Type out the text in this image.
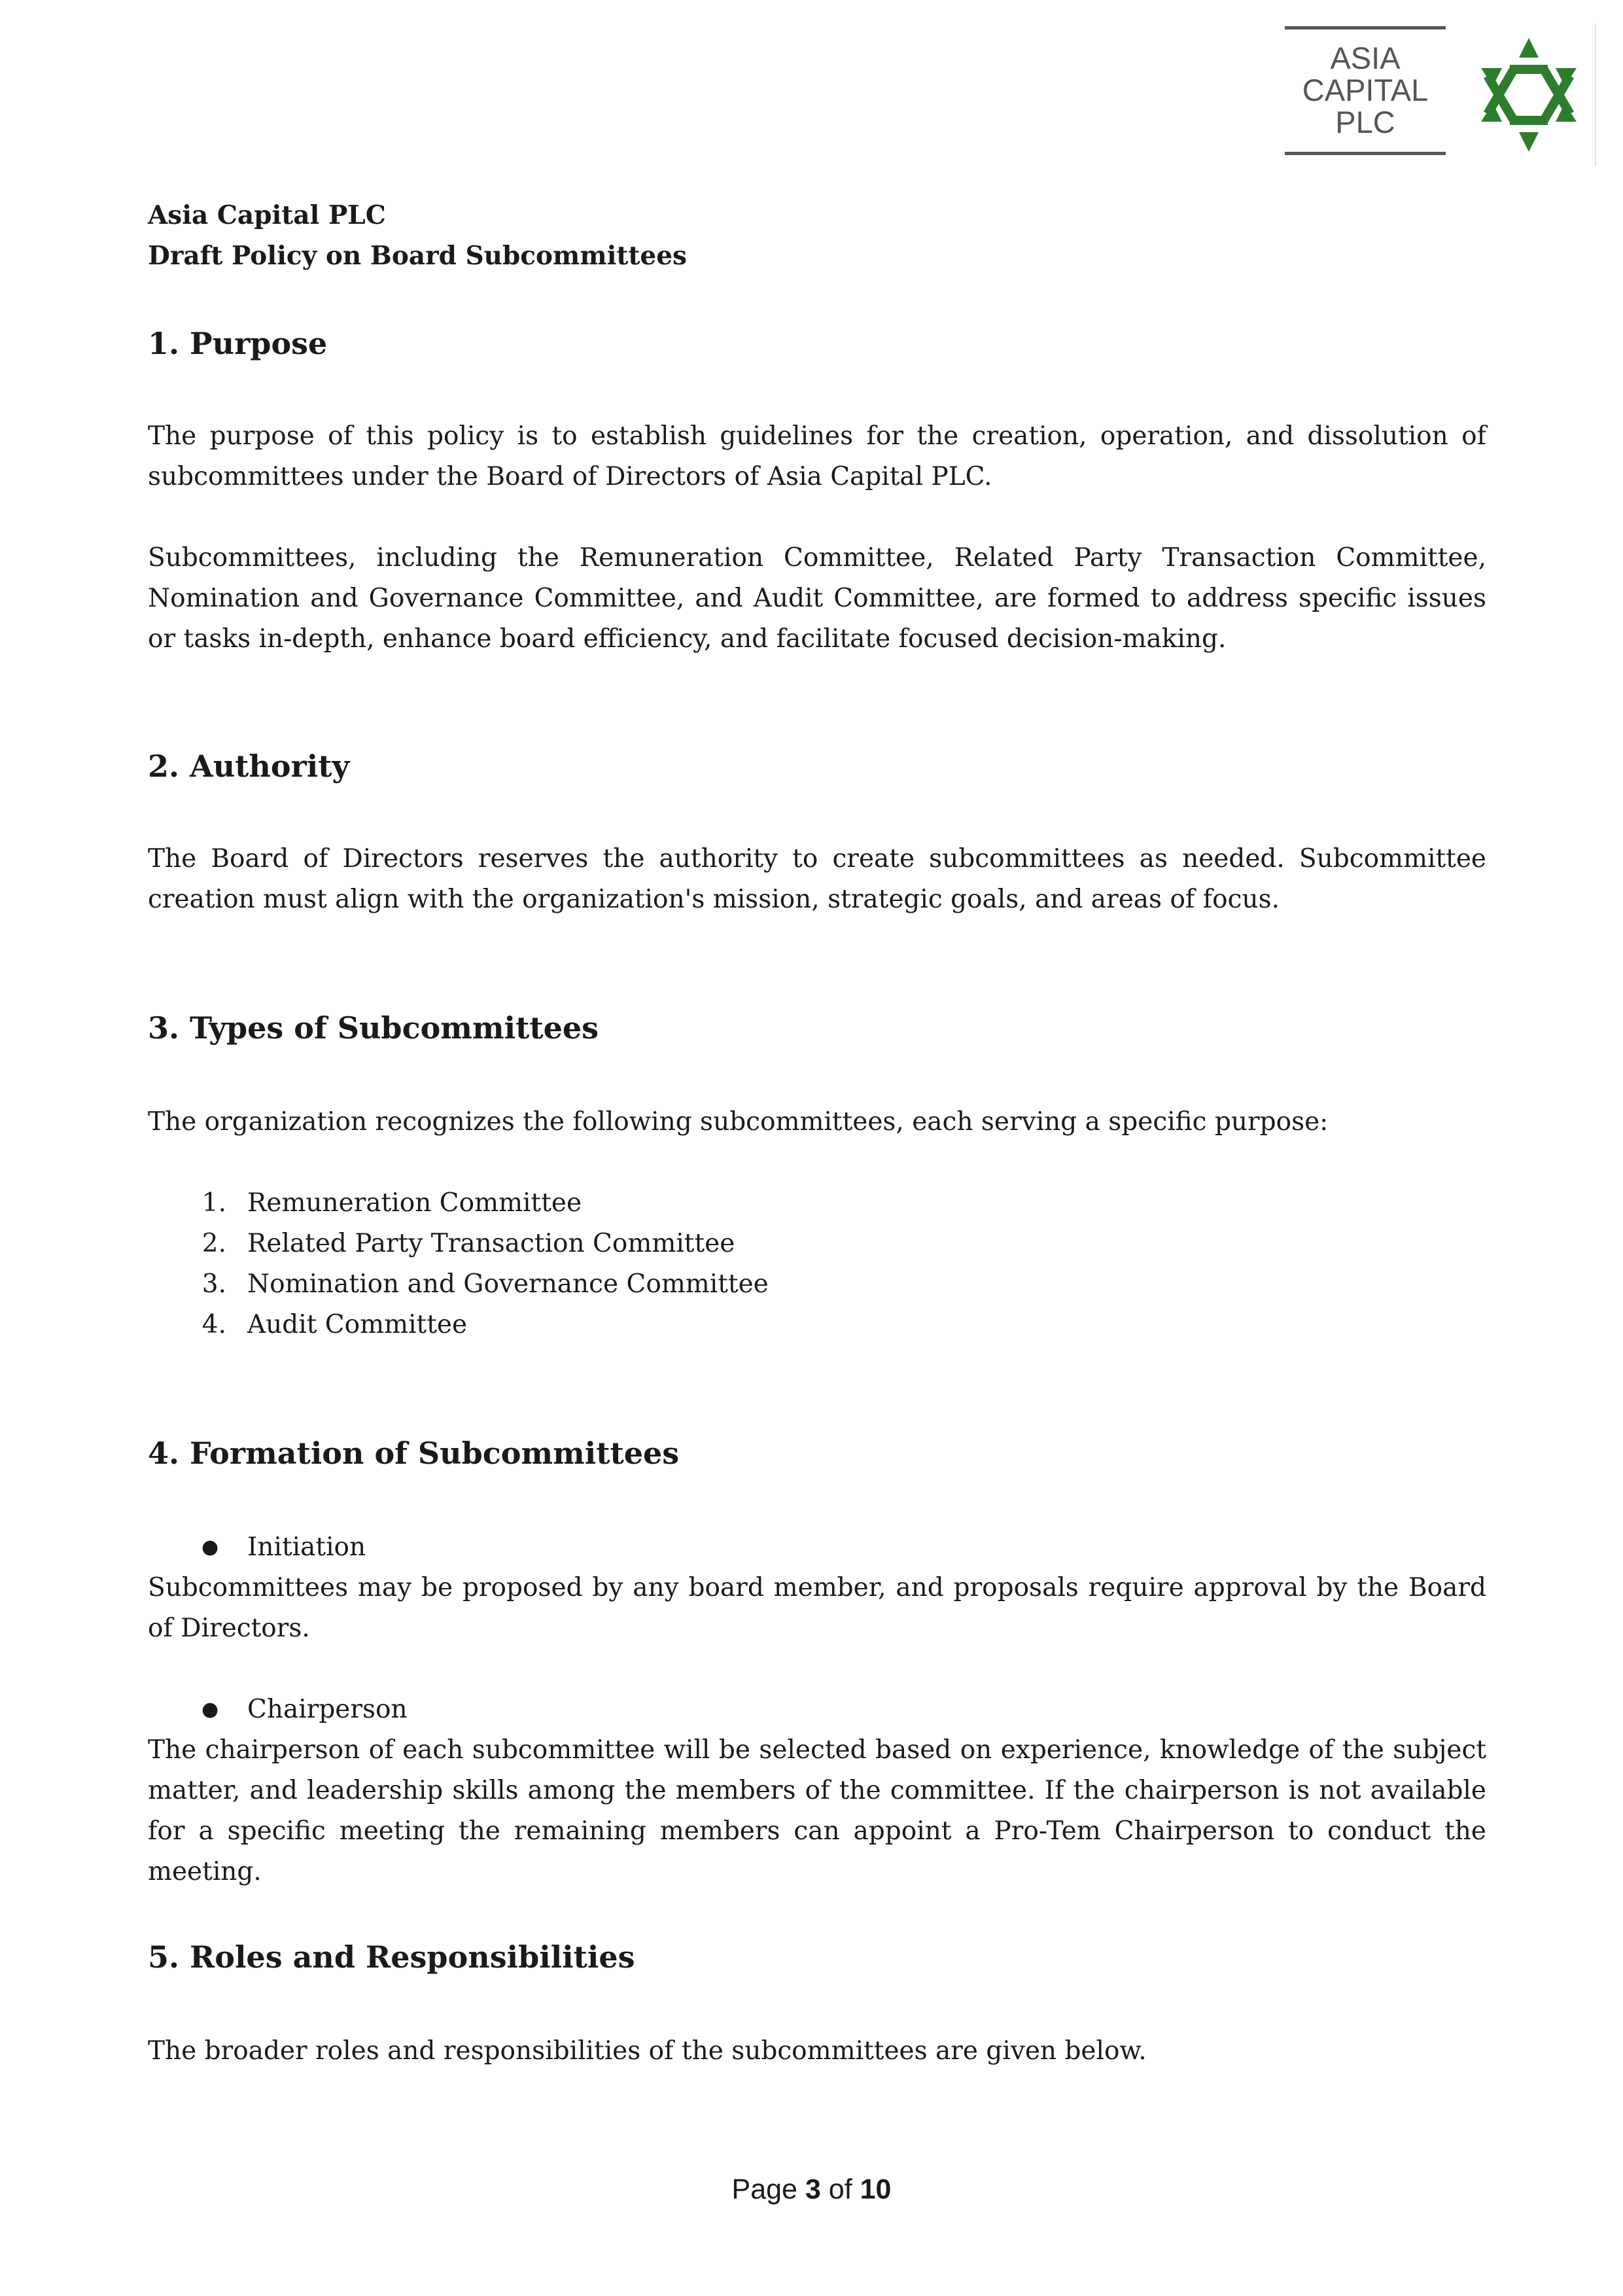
ASIA
CAPITAL
PLC
Asia Capital PLC
Draft Policy on Board Subcommittees
1. Purpose
The purpose of this policy is to establish guidelines for the creation, operation, and dissolution of subcommittees under the Board of Directors of Asia Capital PLC.
Subcommittees, including the Remuneration Committee, Related Party Transaction Committee, Nomination and Governance Committee, and Audit Committee, are formed to address specific issues or tasks in-depth, enhance board efficiency, and facilitate focused decision-making.
2. Authority
The Board of Directors reserves the authority to create subcommittees as needed. Subcommittee creation must align with the organization's mission, strategic goals, and areas of focus.
3. Types of Subcommittees
The organization recognizes the following subcommittees, each serving a specific purpose:
1. Remuneration Committee
2. Related Party Transaction Committee
3. Nomination and Governance Committee
4. Audit Committee
4. Formation of Subcommittees
● Initiation
Subcommittees may be proposed by any board member, and proposals require approval by the Board of Directors.
● Chairperson
The chairperson of each subcommittee will be selected based on experience, knowledge of the subject matter, and leadership skills among the members of the committee. If the chairperson is not available for a specific meeting the remaining members can appoint a Pro-Tem Chairperson to conduct the meeting.
5. Roles and Responsibilities
The broader roles and responsibilities of the subcommittees are given below.
Page 3 of 10
